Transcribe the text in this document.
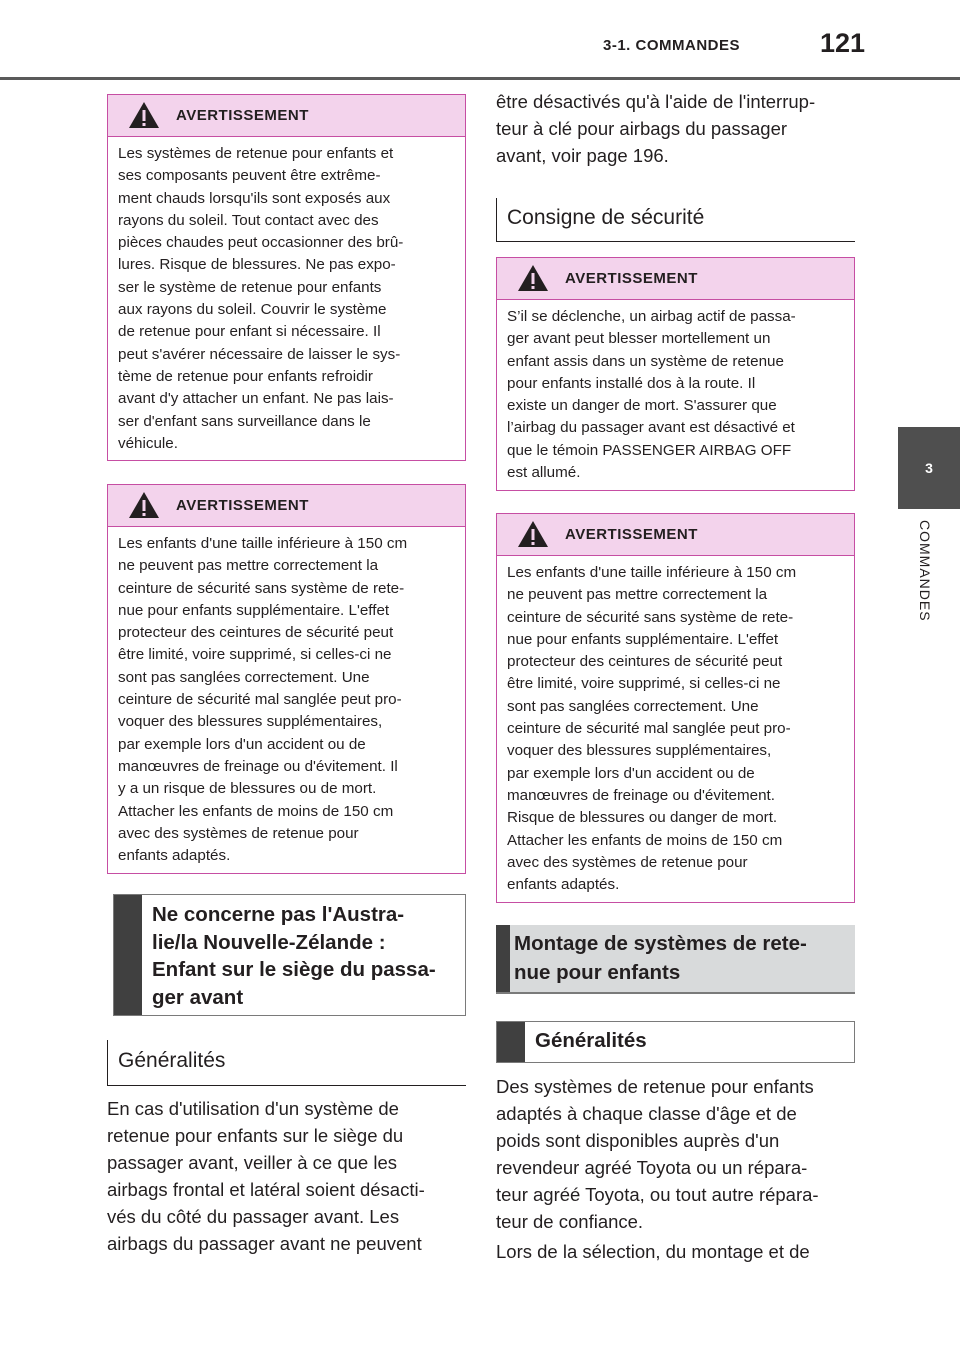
3-1. COMMANDES	121
3
COMMANDES
AVERTISSEMENT
Les systèmes de retenue pour enfants et
ses composants peuvent être extrême-
ment chauds lorsqu'ils sont exposés aux
rayons du soleil. Tout contact avec des
pièces chaudes peut occasionner des brû-
lures. Risque de blessures. Ne pas expo-
ser le système de retenue pour enfants
aux rayons du soleil. Couvrir le système
de retenue pour enfant si nécessaire. Il
peut s'avérer nécessaire de laisser le sys-
tème de retenue pour enfants refroidir
avant d'y attacher un enfant. Ne pas lais-
ser d'enfant sans surveillance dans le
véhicule.
AVERTISSEMENT
Les enfants d'une taille inférieure à 150 cm
ne peuvent pas mettre correctement la
ceinture de sécurité sans système de rete-
nue pour enfants supplémentaire. L'effet
protecteur des ceintures de sécurité peut
être limité, voire supprimé, si celles-ci ne
sont pas sanglées correctement. Une
ceinture de sécurité mal sanglée peut pro-
voquer des blessures supplémentaires,
par exemple lors d'un accident ou de
manœuvres de freinage ou d'évitement. Il
y a un risque de blessures ou de mort.
Attacher les enfants de moins de 150 cm
avec des systèmes de retenue pour
enfants adaptés.
Ne concerne pas l'Austra-
lie/la Nouvelle-Zélande :
Enfant sur le siège du passa-
ger avant
Généralités
En cas d'utilisation d'un système de
retenue pour enfants sur le siège du
passager avant, veiller à ce que les
airbags frontal et latéral soient désacti-
vés du côté du passager avant. Les
airbags du passager avant ne peuvent
être désactivés qu'à l'aide de l'interrup-
teur à clé pour airbags du passager
avant, voir page 196.
Consigne de sécurité
AVERTISSEMENT
S’il se déclenche, un airbag actif de passa-
ger avant peut blesser mortellement un
enfant assis dans un système de retenue
pour enfants installé dos à la route. Il
existe un danger de mort. S'assurer que
l’airbag du passager avant est désactivé et
que le témoin PASSENGER AIRBAG OFF
est allumé.
AVERTISSEMENT
Les enfants d'une taille inférieure à 150 cm
ne peuvent pas mettre correctement la
ceinture de sécurité sans système de rete-
nue pour enfants supplémentaire. L'effet
protecteur des ceintures de sécurité peut
être limité, voire supprimé, si celles-ci ne
sont pas sanglées correctement. Une
ceinture de sécurité mal sanglée peut pro-
voquer des blessures supplémentaires,
par exemple lors d'un accident ou de
manœuvres de freinage ou d'évitement.
Risque de blessures ou danger de mort.
Attacher les enfants de moins de 150 cm
avec des systèmes de retenue pour
enfants adaptés.
Montage de systèmes de rete-
nue pour enfants
Généralités
Des systèmes de retenue pour enfants
adaptés à chaque classe d'âge et de
poids sont disponibles auprès d'un
revendeur agréé Toyota ou un répara-
teur agréé Toyota, ou tout autre répara-
teur de confiance.
Lors de la sélection, du montage et de
